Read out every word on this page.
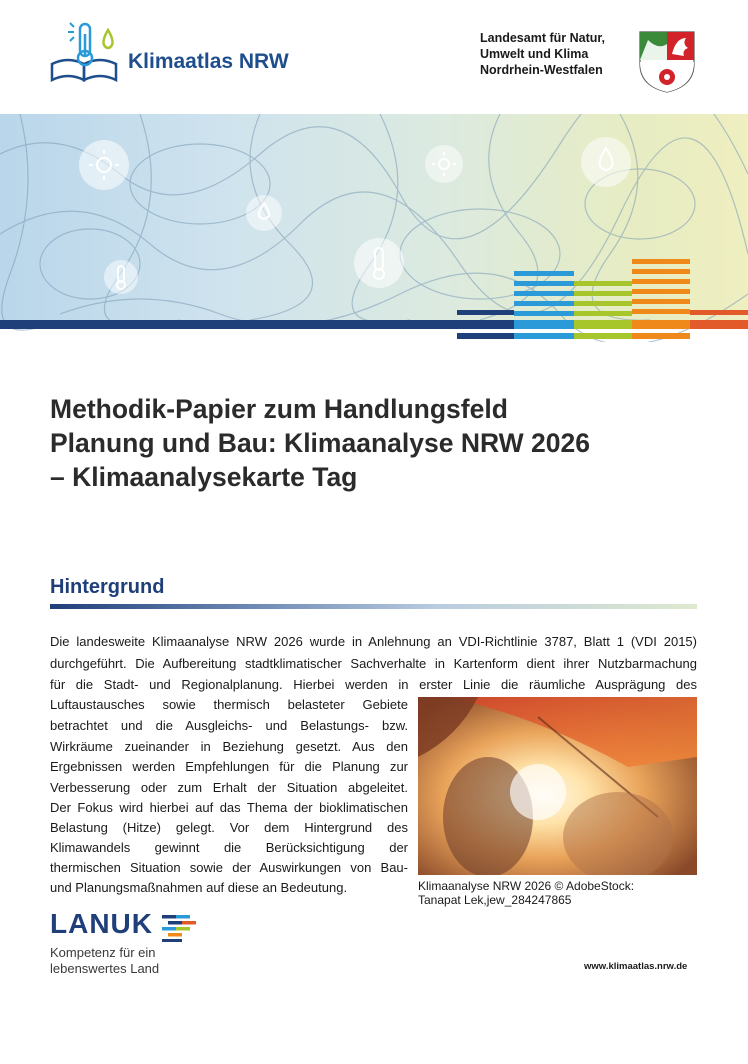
Klimaatlas NRW
Landesamt für Natur,
Umwelt und Klima
Nordrhein-Westfalen
Methodik-Papier zum Handlungsfeld
Planung und Bau: Klimaanalyse NRW 2026
– Klimaanalysekarte Tag
Hintergrund
Die landesweite Klimaanalyse NRW 2026 wurde in Anlehnung an VDI-Richtlinie 3787, Blatt 1 (VDI 2015)
durchgeführt. Die Aufbereitung stadtklimatischer Sachverhalte in Kartenform dient ihrer Nutzbarmachung
für die Stadt- und Regionalplanung. Hierbei werden in erster Linie die räumliche Ausprägung des
Luftaustausches sowie thermisch belasteter Gebiete
betrachtet und die Ausgleichs- und Belastungs- bzw.
Wirkräume zueinander in Beziehung gesetzt. Aus den
Ergebnissen werden Empfehlungen für die Planung zur
Verbesserung oder zum Erhalt der Situation abgeleitet.
Der Fokus wird hierbei auf das Thema der bioklimatischen
Belastung (Hitze) gelegt. Vor dem Hintergrund des
Klimawandels gewinnt die Berücksichtigung der
thermischen Situation sowie der Auswirkungen von Bau-
und Planungsmaßnahmen auf diese an Bedeutung.	Klimaanalyse NRW 2026 © AdobeStock:
Tanapat Lek,jew_284247865
LANUK
Kompetenz für ein
lebenswertes Land	www.klimaatlas.nrw.de
